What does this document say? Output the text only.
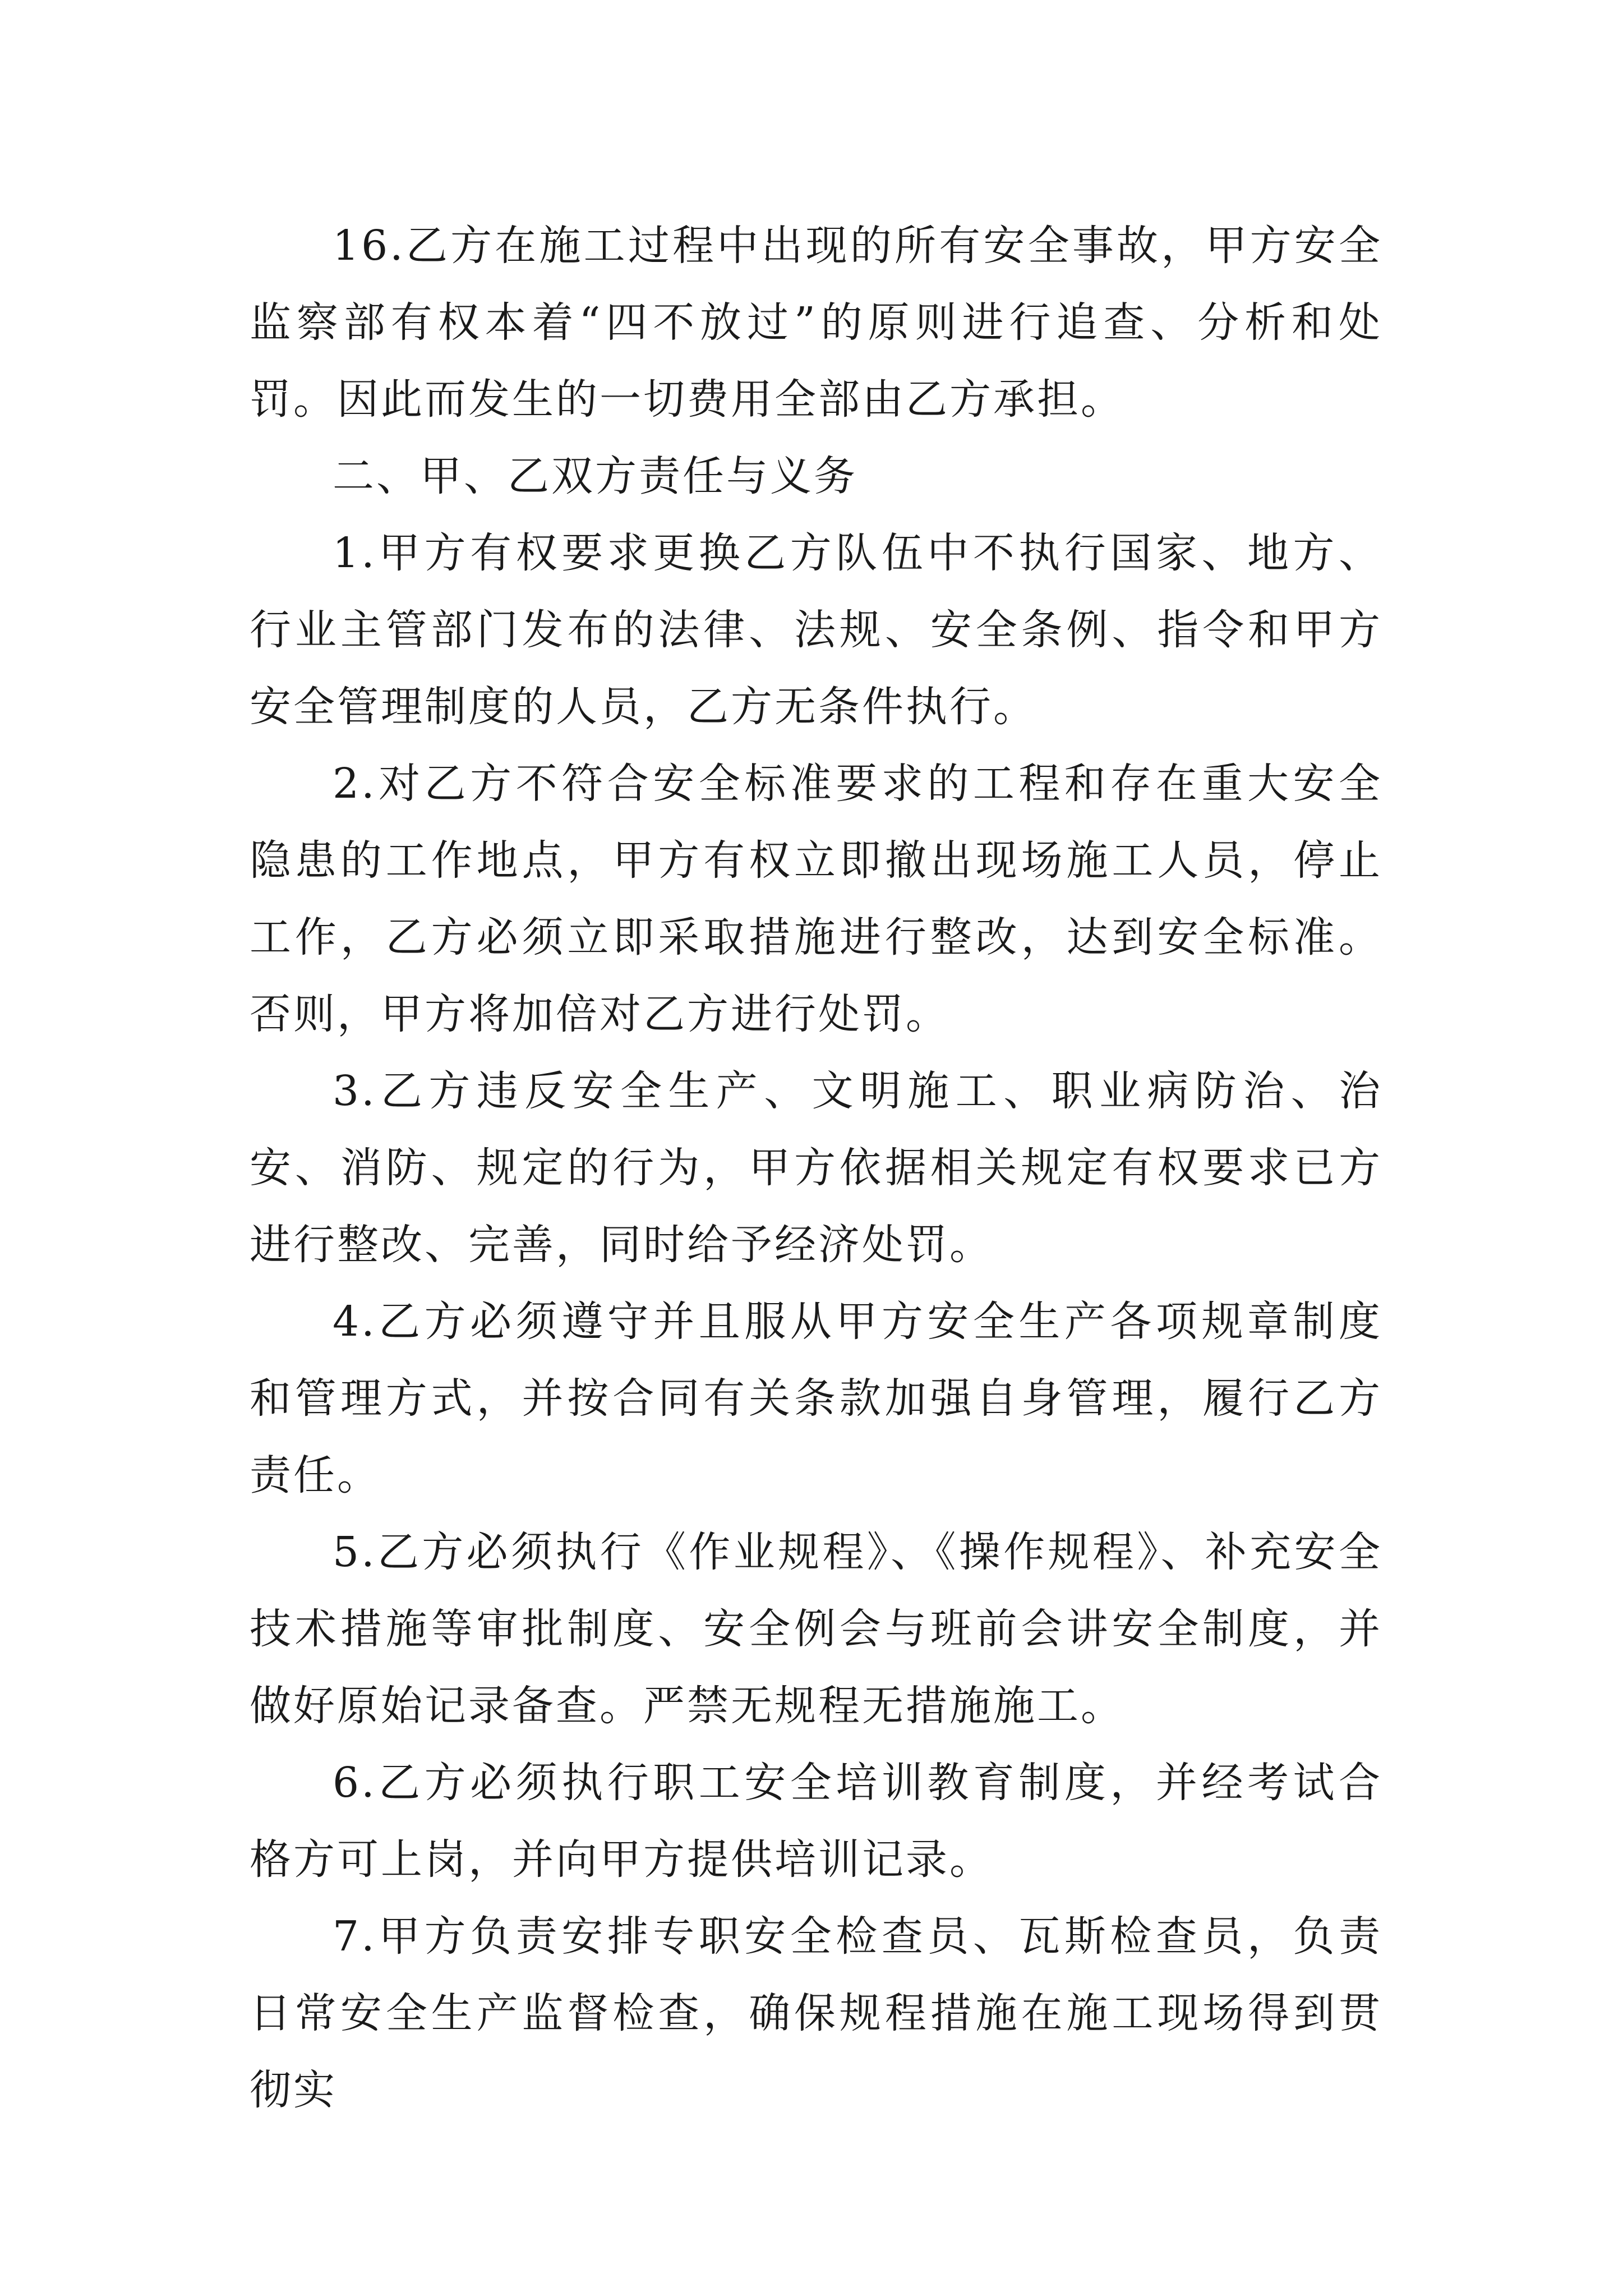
16.乙方在施工过程中出现的所有安全事故，甲方安全监察部有权本着“四不放过”的原则进行追查、分析和处罚。因此而发生的一切费用全部由乙方承担。

二、甲、乙双方责任与义务

1.甲方有权要求更换乙方队伍中不执行国家、地方、行业主管部门发布的法律、法规、安全条例、指令和甲方安全管理制度的人员，乙方无条件执行。

2.对乙方不符合安全标准要求的工程和存在重大安全隐患的工作地点，甲方有权立即撤出现场施工人员，停止工作，乙方必须立即采取措施进行整改，达到安全标准。否则，甲方将加倍对乙方进行处罚。

3.乙方违反安全生产、文明施工、职业病防治、治安、消防、规定的行为，甲方依据相关规定有权要求已方进行整改、完善，同时给予经济处罚。

4.乙方必须遵守并且服从甲方安全生产各项规章制度和管理方式，并按合同有关条款加强自身管理，履行乙方责任。

5.乙方必须执行《作业规程》、《操作规程》、补充安全技术措施等审批制度、安全例会与班前会讲安全制度，并做好原始记录备查。严禁无规程无措施施工。

6.乙方必须执行职工安全培训教育制度，并经考试合格方可上岗，并向甲方提供培训记录。

7.甲方负责安排专职安全检查员、瓦斯检查员，负责日常安全生产监督检查，确保规程措施在施工现场得到贯彻实
